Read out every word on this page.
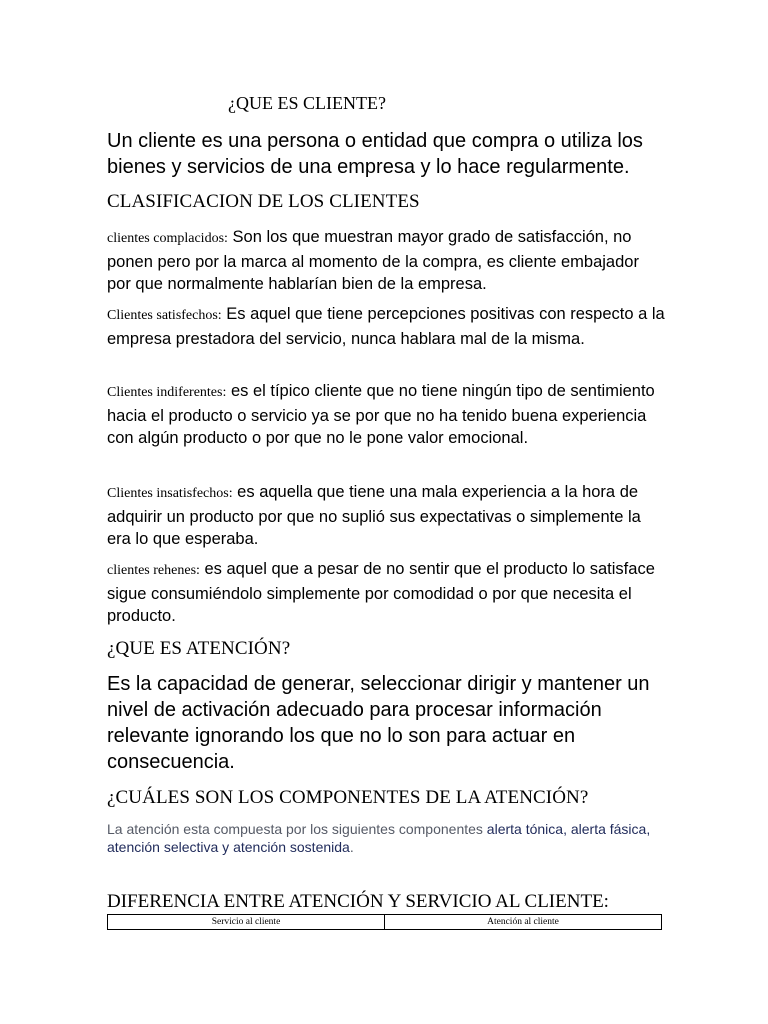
¿QUE ES CLIENTE?
Un cliente es una persona o entidad que compra o utiliza los bienes y servicios de una empresa y lo hace regularmente.
CLASIFICACION DE LOS CLIENTES
clientes complacidos: Son los que muestran mayor grado de satisfacción, no ponen pero por la marca al momento de la compra, es cliente embajador por que normalmente hablarían bien de la empresa.
Clientes satisfechos: Es aquel que tiene percepciones positivas con respecto a la empresa prestadora del servicio, nunca hablara mal de la misma.
Clientes indiferentes: es el típico cliente que no tiene ningún tipo de sentimiento hacia el producto o servicio ya se por que no ha tenido buena experiencia con algún producto o por que no le pone valor emocional.
Clientes insatisfechos: es aquella que tiene una mala experiencia a la hora de adquirir un producto por que no suplió sus expectativas o simplemente la era lo que esperaba.
clientes rehenes: es aquel que a pesar de no sentir que el producto lo satisface sigue consumiéndolo simplemente por comodidad o por que necesita el producto.
¿QUE ES ATENCIÓN?
Es la capacidad de generar, seleccionar dirigir y mantener un nivel de activación adecuado para procesar información relevante ignorando los que no lo son para actuar en consecuencia.
¿CUÁLES SON LOS COMPONENTES DE LA ATENCIÓN?
La atención esta compuesta por los siguientes componentes alerta tónica, alerta fásica, atención selectiva y atención sostenida.
DIFERENCIA ENTRE ATENCIÓN Y SERVICIO AL CLIENTE:
Servicio al cliente	Atención al cliente
